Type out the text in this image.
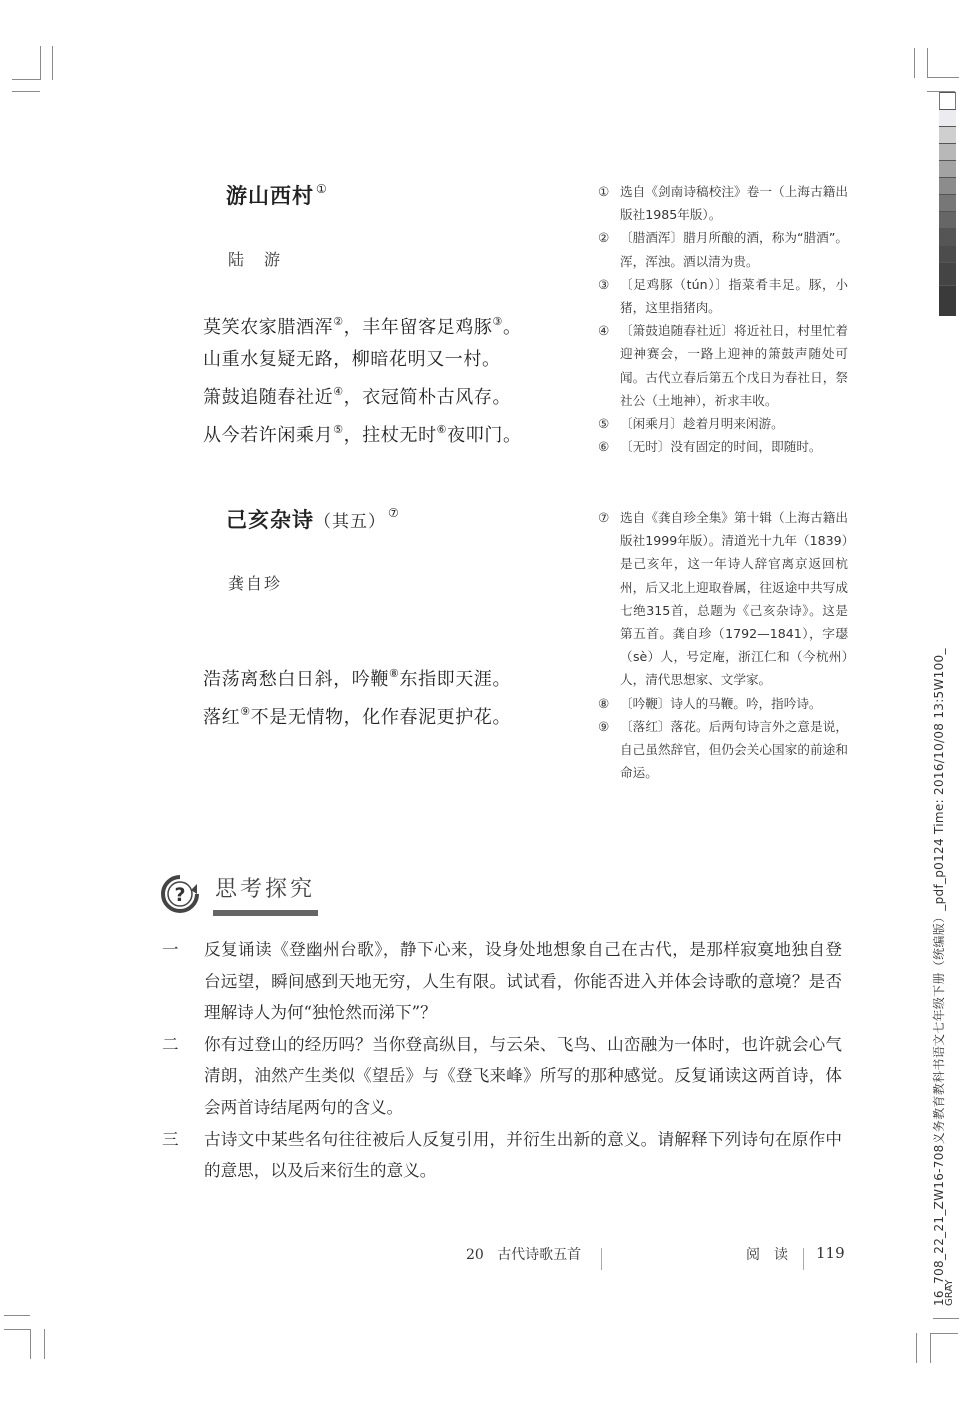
游山西村 ①
陆　游
莫笑农家腊酒浑②，丰年留客足鸡豚③。
山重水复疑无路，柳暗花明又一村。
箫鼓追随春社近④，衣冠简朴古风存。
从今若许闲乘月⑤，拄杖无时⑥夜叩门。
① 选自《剑南诗稿校注》卷一（上海古籍出版社1985年版）。
② 〔腊酒浑〕腊月所酿的酒，称为“腊酒”。浑，浑浊。酒以清为贵。
③ 〔足鸡豚（tún）〕指菜肴丰足。豚，小猪，这里指猪肉。
④ 〔箫鼓追随春社近〕将近社日，村里忙着迎神赛会，一路上迎神的箫鼓声随处可闻。古代立春后第五个戊日为春社日，祭社公（土地神），祈求丰收。
⑤ 〔闲乘月〕趁着月明来闲游。
⑥ 〔无时〕没有固定的时间，即随时。
己亥杂诗（其五） ⑦
龚自珍
浩荡离愁白日斜，吟鞭⑧东指即天涯。
落红⑨不是无情物，化作春泥更护花。
⑦ 选自《龚自珍全集》第十辑（上海古籍出版社1999年版）。清道光十九年（1839）是己亥年，这一年诗人辞官离京返回杭州，后又北上迎取眷属，往返途中共写成七绝315首，总题为《己亥杂诗》。这是第五首。龚自珍（1792—1841），字璱（sè）人，号定庵，浙江仁和（今杭州）人，清代思想家、文学家。
⑧ 〔吟鞭〕诗人的马鞭。吟，指吟诗。
⑨ 〔落红〕落花。后两句诗言外之意是说，自己虽然辞官，但仍会关心国家的前途和命运。
? 思考探究
一	反复诵读《登幽州台歌》，静下心来，设身处地想象自己在古代，是那样寂寞地独自登台远望，瞬间感到天地无穷，人生有限。试试看，你能否进入并体会诗歌的意境？是否理解诗人为何“独怆然而涕下”？
二	你有过登山的经历吗？当你登高纵目，与云朵、飞鸟、山峦融为一体时，也许就会心气清朗，油然产生类似《望岳》与《登飞来峰》所写的那种感觉。反复诵读这两首诗，体会两首诗结尾两句的含义。
三	古诗文中某些名句往往被后人反复引用，并衍生出新的意义。请解释下列诗句在原作中的意思，以及后来衍生的意义。
20 古代诗歌五首	阅　读 119	16_708_22_21_ZW16-708义务教育教科书语文七年级下册（统编版）_pdf_p0124 Time: 2016/10/08 13:5W100_
GRAY
